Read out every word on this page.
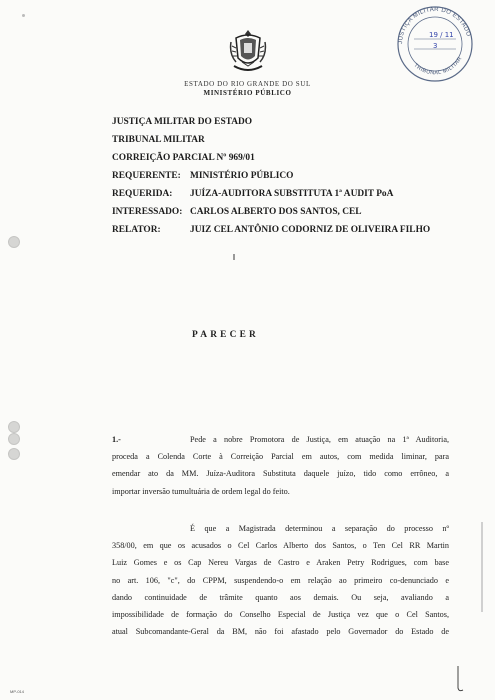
ESTADO DO RIO GRANDE DO SUL
MINISTÉRIO PÚBLICO
JUSTIÇA MILITAR DO ESTADO
TRIBUNAL MILITAR
19 / 11
3
JUSTIÇA MILITAR DO ESTADO
TRIBUNAL MILITAR
CORREIÇÃO PARCIAL Nº 969/01
REQUERENTE: MINISTÉRIO PÚBLICO
REQUERIDA: JUÍZA-AUDITORA SUBSTITUTA 1ª AUDIT PoA
INTERESSADO: CARLOS ALBERTO DOS SANTOS, CEL
RELATOR:	JUIZ CEL ANTÔNIO CODORNIZ DE OLIVEIRA FILHO
PARECER
1.-	Pede a nobre Promotora de Justiça, em atuação na 1ª Auditoria,
proceda a Colenda Corte à Correição Parcial em autos, com medida liminar, para
emendar ato da MM. Juíza-Auditora Substituta daquele juízo, tido como errôneo, a
importar inversão tumultuária de ordem legal do feito.
É que a Magistrada determinou a separação do processo nº
358/00, em que os acusados o Cel Carlos Alberto dos Santos, o Ten Cel RR Martin
Luiz Gomes e os Cap Nereu Vargas de Castro e Araken Petry Rodrigues, com base
no art. 106, "c", do CPPM, suspendendo-o em relação ao primeiro co-denunciado e
dando continuidade de trâmite quanto aos demais. Ou seja, avaliando a
impossibilidade de formação do Conselho Especial de Justiça vez que o Cel Santos,
atual Subcomandante-Geral da BM, não foi afastado pelo Governador do Estado de
MP-014
